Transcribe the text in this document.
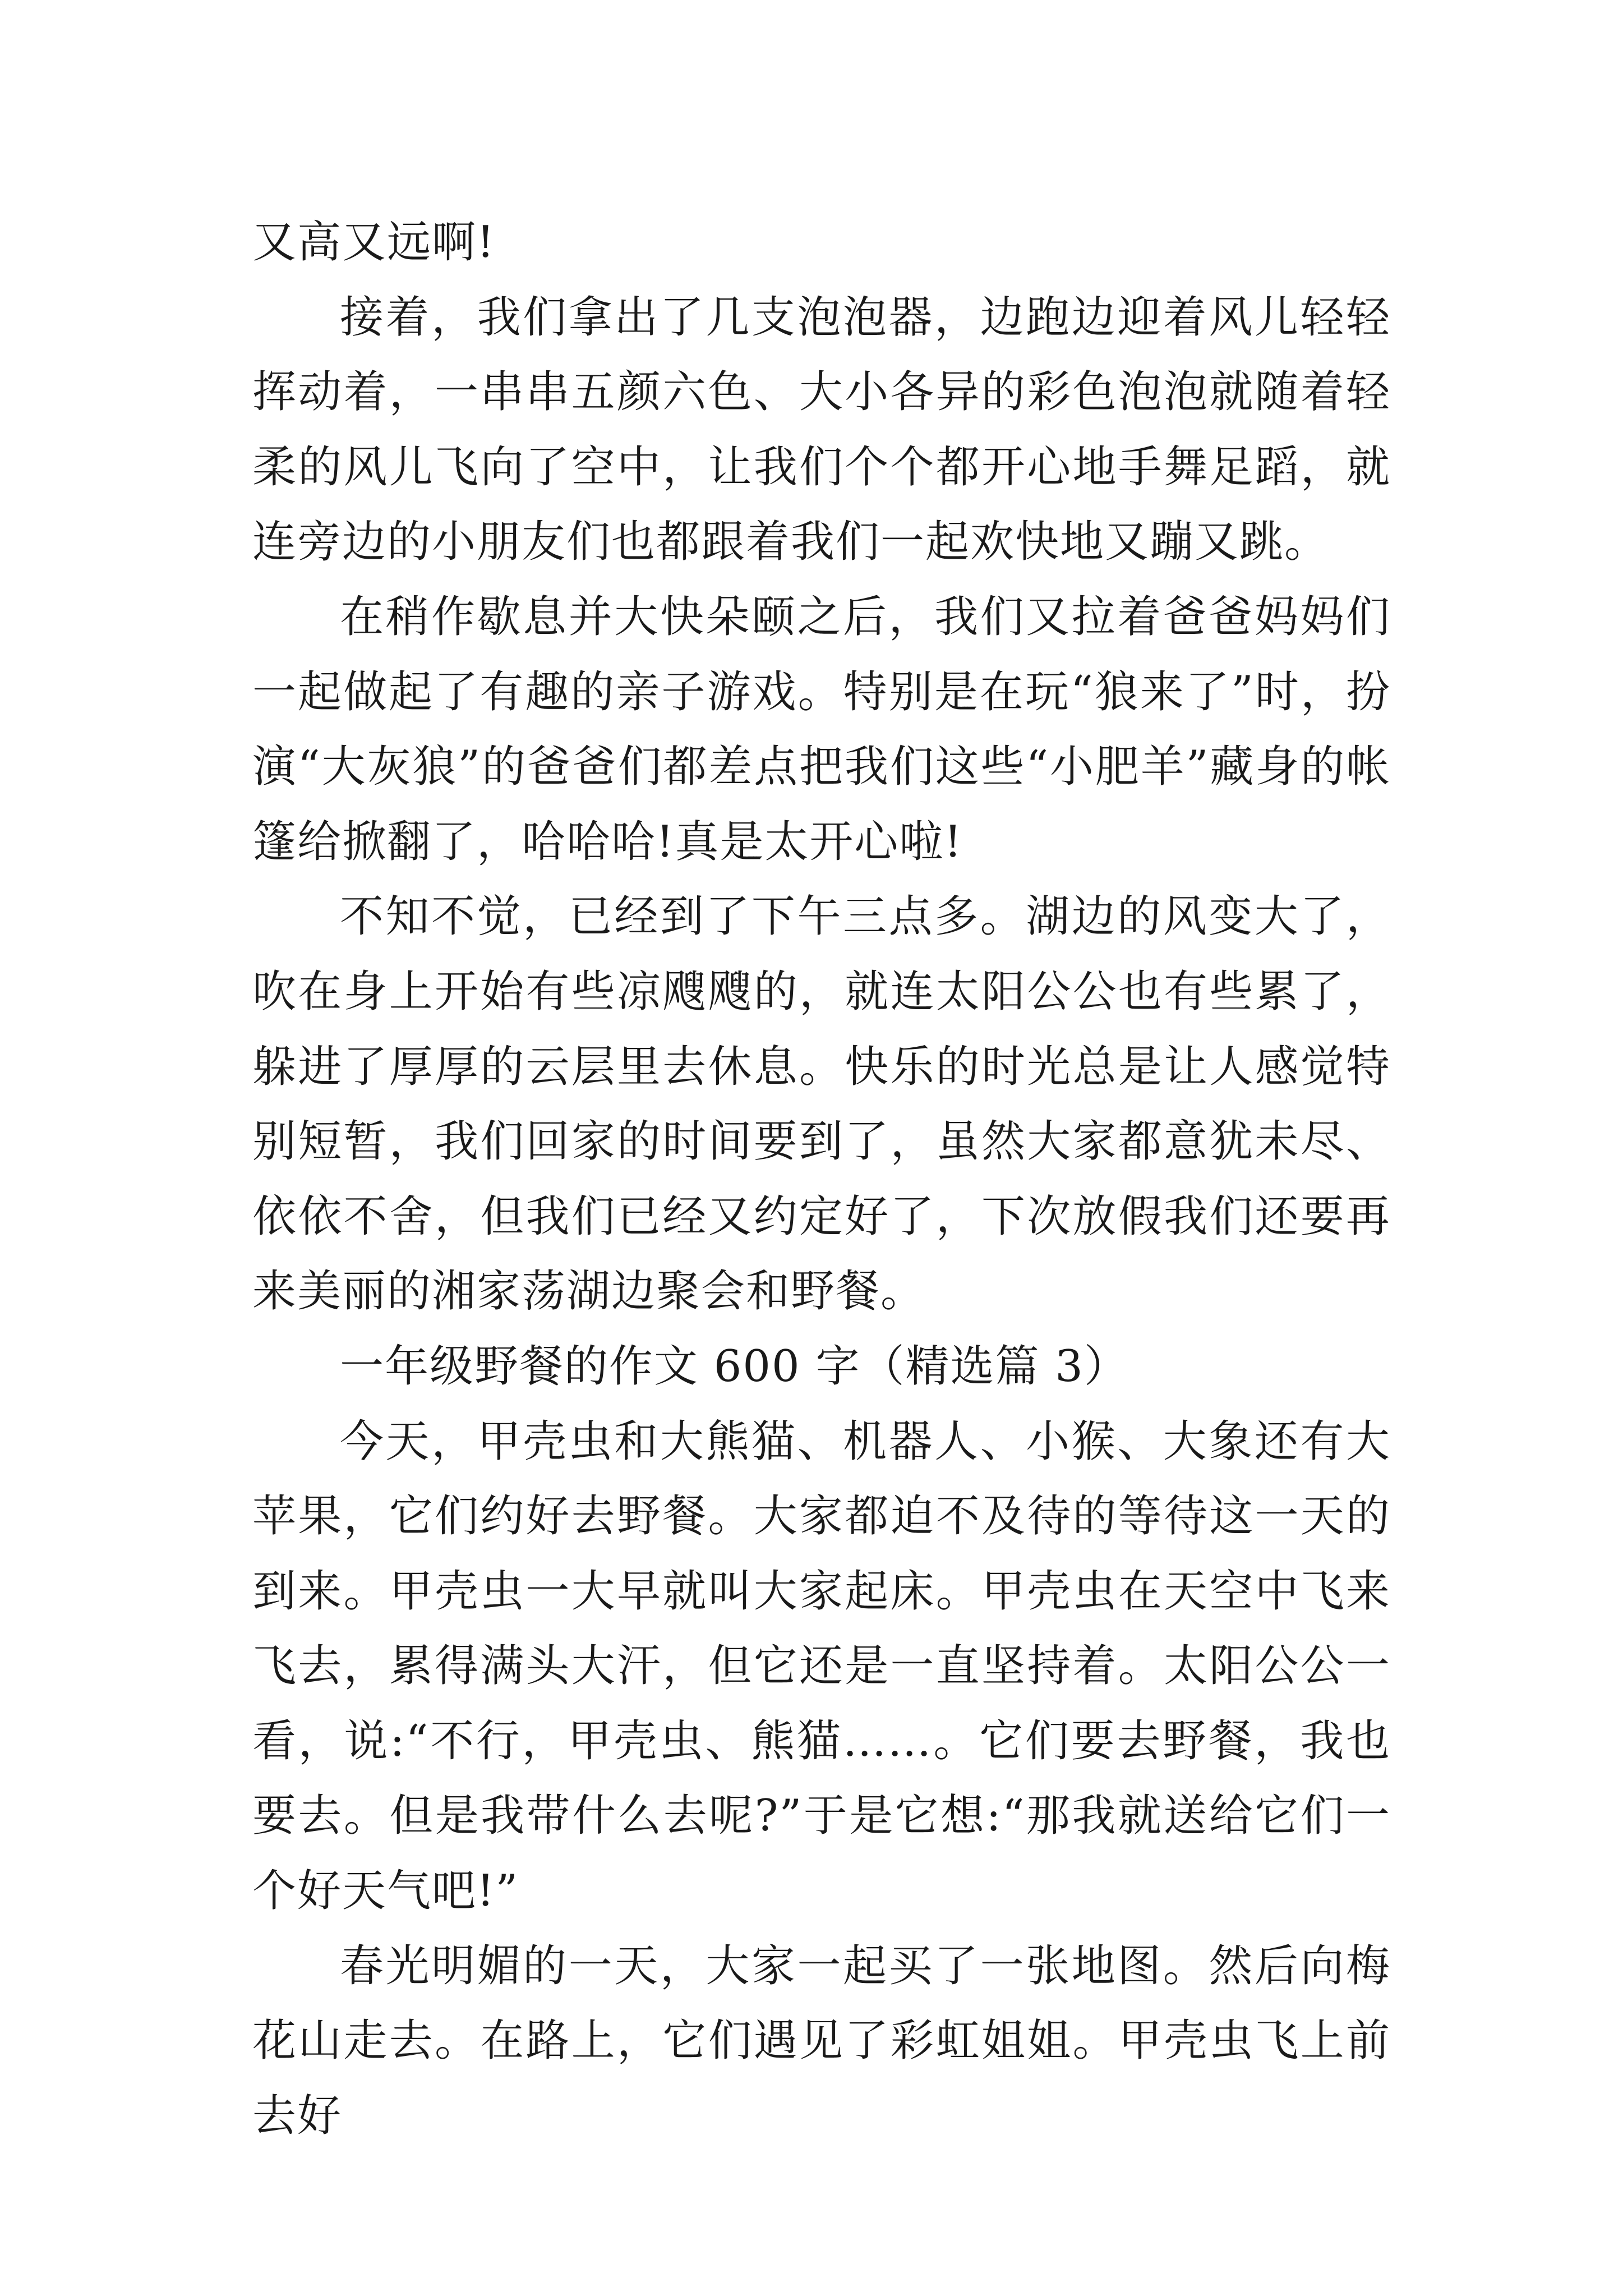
又高又远啊!

接着，我们拿出了几支泡泡器，边跑边迎着风儿轻轻挥动着，一串串五颜六色、大小各异的彩色泡泡就随着轻柔的风儿飞向了空中，让我们个个都开心地手舞足蹈，就连旁边的小朋友们也都跟着我们一起欢快地又蹦又跳。

在稍作歇息并大快朵颐之后，我们又拉着爸爸妈妈们一起做起了有趣的亲子游戏。特别是在玩“狼来了”时，扮演“大灰狼”的爸爸们都差点把我们这些“小肥羊”藏身的帐篷给掀翻了，哈哈哈!真是太开心啦!

不知不觉，已经到了下午三点多。湖边的风变大了，吹在身上开始有些凉飕飕的，就连太阳公公也有些累了，躲进了厚厚的云层里去休息。快乐的时光总是让人感觉特别短暂，我们回家的时间要到了，虽然大家都意犹未尽、依依不舍，但我们已经又约定好了，下次放假我们还要再来美丽的湘家荡湖边聚会和野餐。

一年级野餐的作文 600 字（精选篇 3）

今天，甲壳虫和大熊猫、机器人、小猴、大象还有大苹果，它们约好去野餐。大家都迫不及待的等待这一天的到来。甲壳虫一大早就叫大家起床。甲壳虫在天空中飞来飞去，累得满头大汗，但它还是一直坚持着。太阳公公一看，说:“不行，甲壳虫、熊猫……。它们要去野餐，我也要去。但是我带什么去呢?”于是它想:“那我就送给它们一个好天气吧!”

春光明媚的一天，大家一起买了一张地图。然后向梅花山走去。在路上，它们遇见了彩虹姐姐。甲壳虫飞上前去好
